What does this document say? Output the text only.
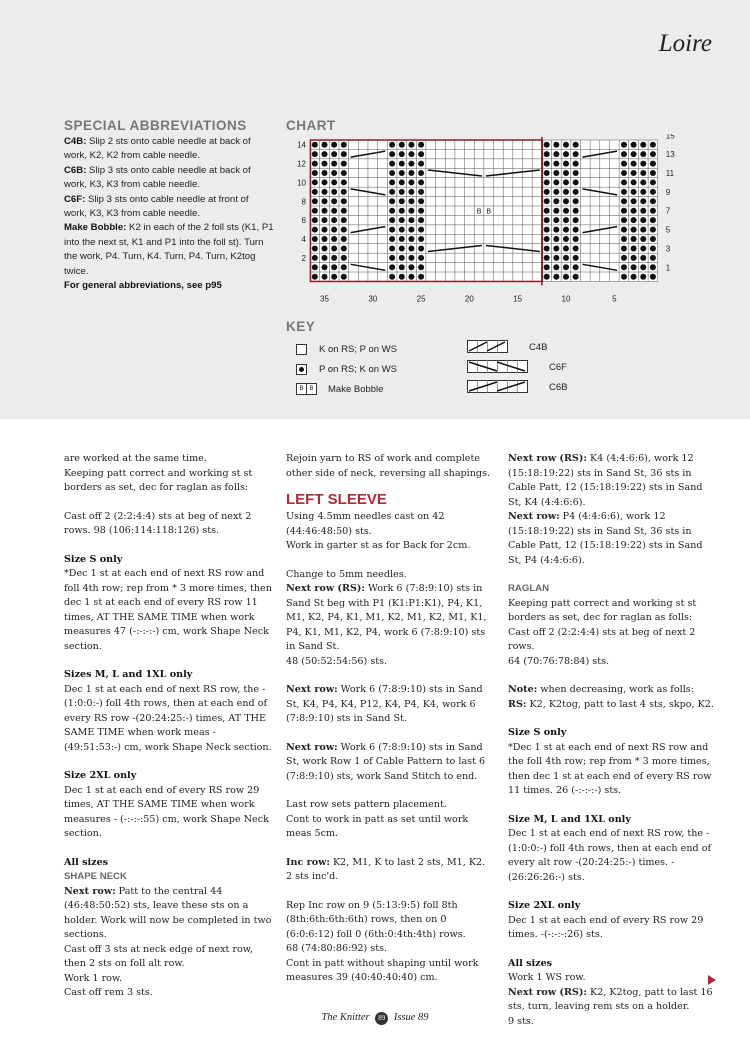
Loire
SPECIAL ABBREVIATIONS

C4B: Slip 2 sts onto cable needle at back of work, K2, K2 from cable needle.

C6B: Slip 3 sts onto cable needle at back of work, K3, K3 from cable needle.

C6F: Slip 3 sts onto cable needle at front of work, K3, K3 from cable needle.

Make Bobble: K2 in each of the 2 foll sts (K1, P1 into the next st, K1 and P1 into the foll st). Turn the work, P4. Turn, K4. Turn, P4. Turn, K2tog twice.

For general abbreviations, see p95

CHART
B B
14
12
10
8
6
4
2
15
13
11
9
7
5
3
1
35	30	25	20	15	10	5
KEY
K on RS; P on WS
P on RS; K on WS
B B	Make Bobble
C4B
C6F
C6B

are worked at the same time.

Keeping patt correct and working st st borders as set, dec for raglan as folls:

Cast off 2 (2:2:4:4) sts at beg of next 2 rows. 98 (106:114:118:126) sts.

Size S only

*Dec 1 st at each end of next RS row and foll 4th row; rep from * 3 more times, then dec 1 st at each end of every RS row 11 times, AT THE SAME TIME when work measures 47 (-:-:-:-) cm, work Shape Neck section.

Sizes M, L and 1XL only

Dec 1 st at each end of next RS row, the -(1:0:0:-) foll 4th rows, then at each end of every RS row -(20:24:25:-) times, AT THE SAME TIME when work meas - (49:51:53:-) cm, work Shape Neck section.

Size 2XL only

Dec 1 st at each end of every RS row 29 times, AT THE SAME TIME when work measures - (-:-:-:55) cm, work Shape Neck section.

All sizes

SHAPE NECK

Next row: Patt to the central 44 (46:48:50:52) sts, leave these sts on a holder. Work will now be completed in two sections.

Cast off 3 sts at neck edge of next row, then 2 sts on foll alt row.

Work 1 row.

Cast off rem 3 sts.

Rejoin yarn to RS of work and complete other side of neck, reversing all shapings.

LEFT SLEEVE

Using 4.5mm needles cast on 42 (44:46:48:50) sts.

Work in garter st as for Back for 2cm.

Change to 5mm needles.

Next row (RS): Work 6 (7:8:9:10) sts in Sand St beg with P1 (K1:P1:K1), P4, K1, M1, K2, P4, K1, M1, K2, M1, K2, M1, K1, P4, K1, M1, K2, P4, work 6 (7:8:9:10) sts in Sand St.

48 (50:52:54:56) sts.

Next row: Work 6 (7:8:9:10) sts in Sand St, K4, P4, K4, P12, K4, P4, K4, work 6 (7:8:9:10) sts in Sand St.

Next row: Work 6 (7:8:9:10) sts in Sand St, work Row 1 of Cable Pattern to last 6 (7:8:9:10) sts, work Sand Stitch to end.

Last row sets pattern placement.

Cont to work in patt as set until work meas 5cm.

Inc row: K2, M1, K to last 2 sts, M1, K2.

2 sts inc'd.

Rep Inc row on 9 (5:13:9:5) foll 8th (8th:6th:6th:6th) rows, then on 0 (6:0:6:12) foll 0 (6th:0:4th:4th) rows.

68 (74:80:86:92) sts.

Cont in patt without shaping until work measures 39 (40:40:40:40) cm.

Next row (RS): K4 (4:4:6:6), work 12 (15:18:19:22) sts in Sand St, 36 sts in Cable Patt, 12 (15:18:19:22) sts in Sand St, K4 (4:4:6:6).

Next row: P4 (4:4:6:6), work 12 (15:18:19:22) sts in Sand St, 36 sts in Cable Patt, 12 (15:18:19:22) sts in Sand St, P4 (4:4:6:6).

RAGLAN

Keeping patt correct and working st st borders as set, dec for raglan as folls:

Cast off 2 (2:2:4:4) sts at beg of next 2 rows.

64 (70:76:78:84) sts.

Note: when decreasing, work as folls:

RS: K2, K2tog, patt to last 4 sts, skpo, K2.

Size S only

*Dec 1 st at each end of next RS row and the foll 4th row; rep from * 3 more times, then dec 1 st at each end of every RS row 11 times. 26 (-:-:-:-) sts.

Size M, L and 1XL only

Dec 1 st at each end of next RS row, the -(1:0:0:-) foll 4th rows, then at each end of every alt row -(20:24:25:-) times. -(26:26:26:-) sts.

Size 2XL only

Dec 1 st at each end of every RS row 29 times. -(-:-:-:26) sts.

All sizes

Work 1 WS row.

Next row (RS): K2, K2tog, patt to last 16 sts, turn, leaving rem sts on a holder.

9 sts.

The Knitter 89 Issue 89
